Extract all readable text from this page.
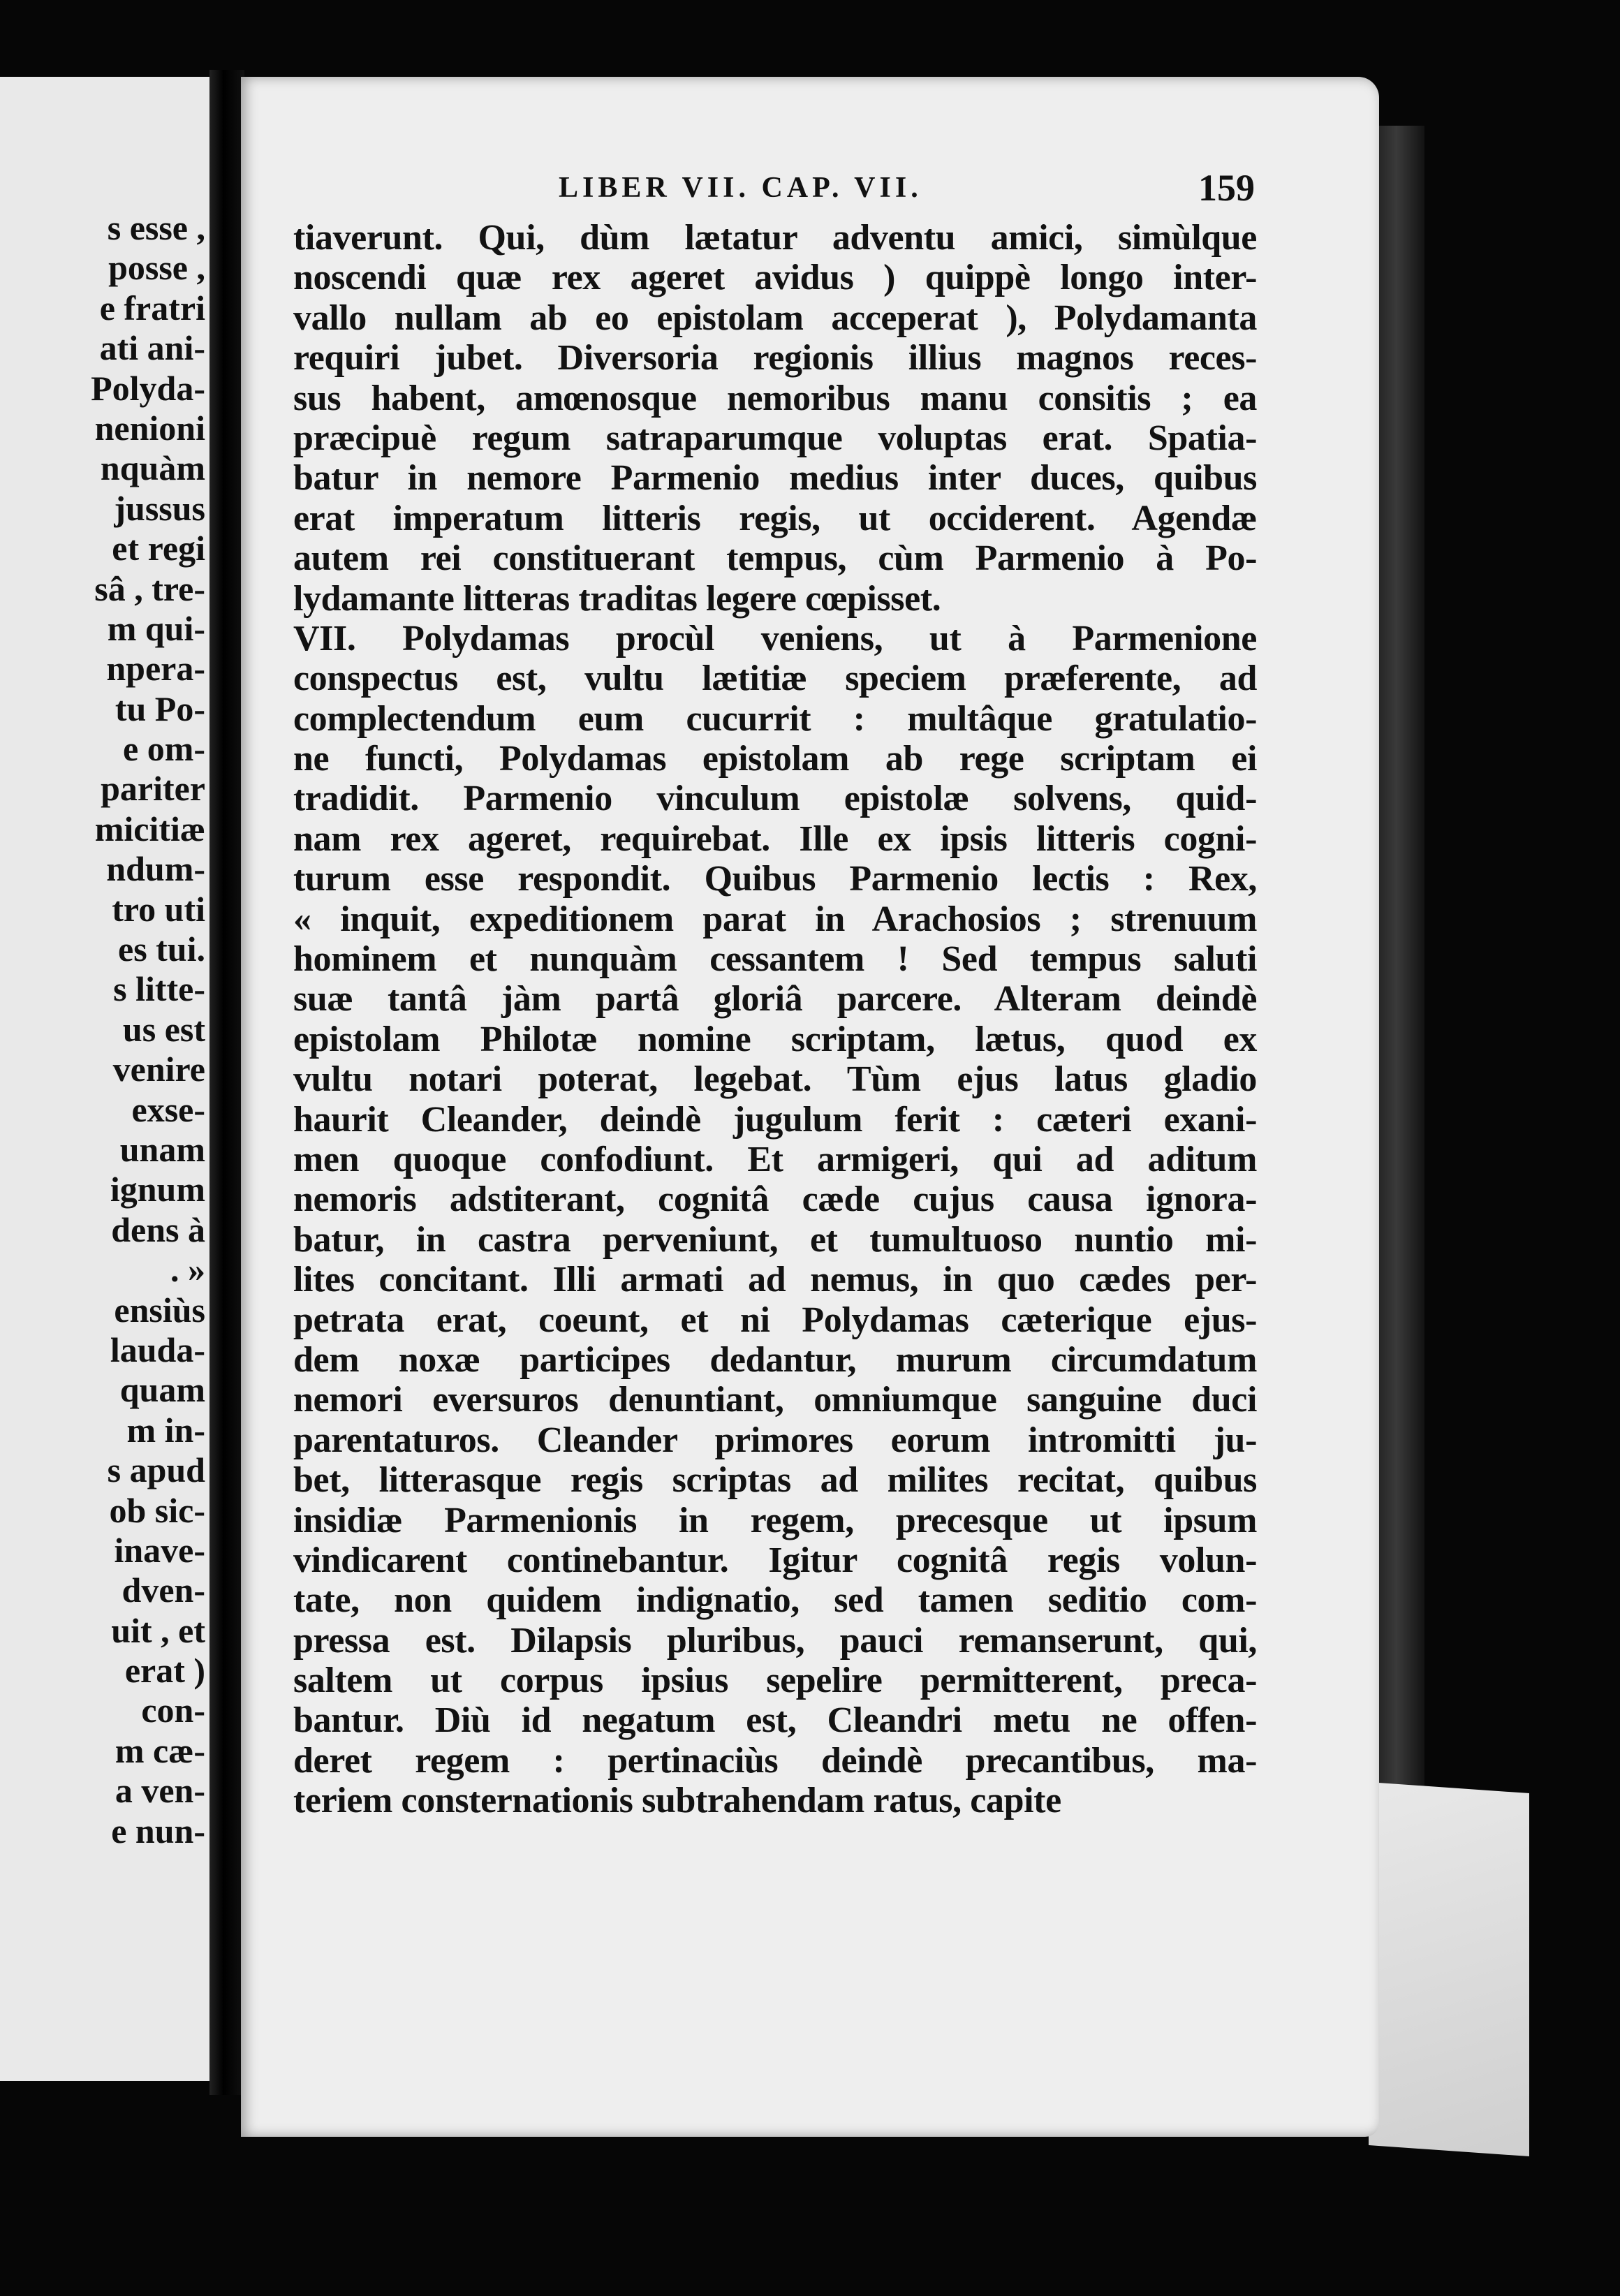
s esse ,
posse ,
e fratri
ati ani-
Polyda-
nenioni
nquàm
jussus
et regi
sâ , tre-
m qui-
npera-
tu Po-
e om-
pariter
micitiæ
ndum-
tro uti
es tui.
s litte-
us est
venire
exse-
unam
ignum
dens à
. »
ensiùs
lauda-
quam
m in-
s apud
ob sic-
inave-
dven-
uit , et
erat )
con-
m cæ-
a ven-
e nun-
LIBER VII. CAP. VII.	159
tiaverunt. Qui, dùm lætatur adventu amici, simùlque
noscendi quæ rex ageret avidus ) quippè longo inter-
vallo nullam ab eo epistolam acceperat ), Polydamanta
requiri jubet. Diversoria regionis illius magnos reces-
sus habent, amœnosque nemoribus manu consitis ; ea
præcipuè regum satraparumque voluptas erat. Spatia-
batur in nemore Parmenio medius inter duces, quibus
erat imperatum litteris regis, ut occiderent. Agendæ
autem rei constituerant tempus, cùm Parmenio à Po-
lydamante litteras traditas legere cœpisset.
VII. Polydamas procùl veniens, ut à Parmenione
conspectus est, vultu lætitiæ speciem præferente, ad
complectendum eum cucurrit : multâque gratulatio-
ne functi, Polydamas epistolam ab rege scriptam ei
tradidit. Parmenio vinculum epistolæ solvens, quid-
nam rex ageret, requirebat. Ille ex ipsis litteris cogni-
turum esse respondit. Quibus Parmenio lectis : Rex,
« inquit, expeditionem parat in Arachosios ; strenuum
hominem et nunquàm cessantem ! Sed tempus saluti
suæ tantâ jàm partâ gloriâ parcere. Alteram deindè
epistolam Philotæ nomine scriptam, lætus, quod ex
vultu notari poterat, legebat. Tùm ejus latus gladio
haurit Cleander, deindè jugulum ferit : cæteri exani-
men quoque confodiunt. Et armigeri, qui ad aditum
nemoris adstiterant, cognitâ cæde cujus causa ignora-
batur, in castra perveniunt, et tumultuoso nuntio mi-
lites concitant. Illi armati ad nemus, in quo cædes per-
petrata erat, coeunt, et ni Polydamas cæterique ejus-
dem noxæ participes dedantur, murum circumdatum
nemori eversuros denuntiant, omniumque sanguine duci
parentaturos. Cleander primores eorum intromitti ju-
bet, litterasque regis scriptas ad milites recitat, quibus
insidiæ Parmenionis in regem, precesque ut ipsum
vindicarent continebantur. Igitur cognitâ regis volun-
tate, non quidem indignatio, sed tamen seditio com-
pressa est. Dilapsis pluribus, pauci remanserunt, qui,
saltem ut corpus ipsius sepelire permitterent, preca-
bantur. Diù id negatum est, Cleandri metu ne offen-
deret regem : pertinaciùs deindè precantibus, ma-
teriem consternationis subtrahendam ratus, capite
